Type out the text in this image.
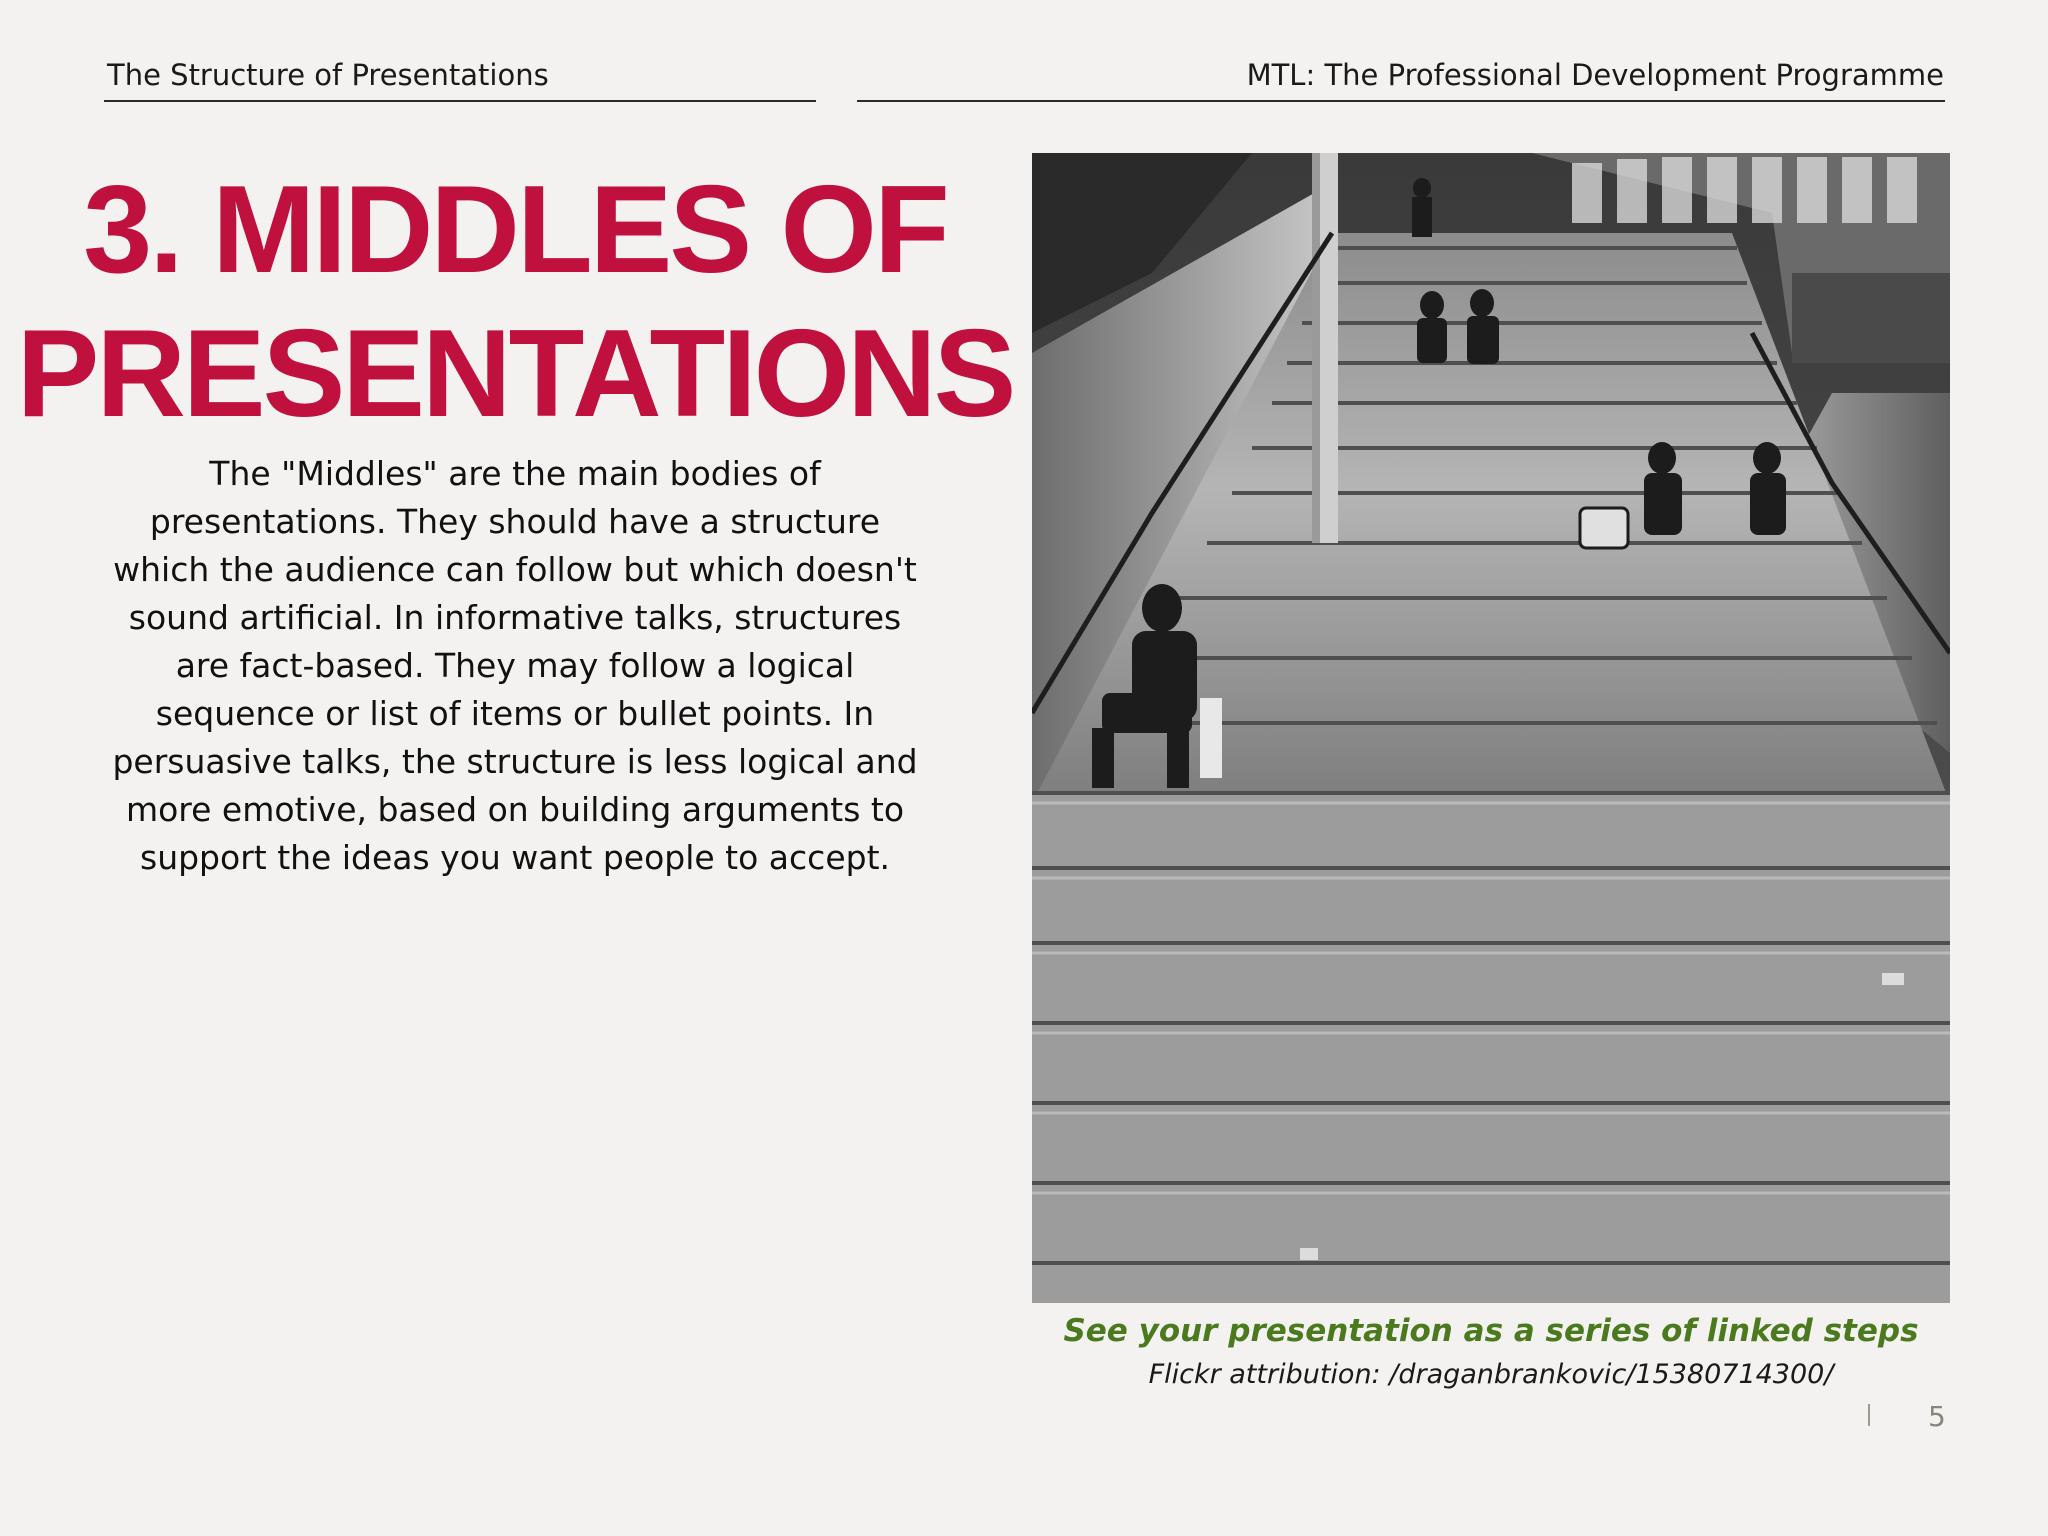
The Structure of Presentations	MTL: The Professional Development Programme
3. MIDDLES OF
PRESENTATIONS
The "Middles" are the main bodies of presentations. They should have a structure which the audience can follow but which doesn't sound artificial. In informative talks, structures are fact-based. They may follow a logical sequence or list of items or bullet points. In persuasive talks, the structure is less logical and more emotive, based on building arguments to support the ideas you want people to accept.
See your presentation as a series of linked steps
Flickr attribution: /draganbrankovic/15380714300/
5
